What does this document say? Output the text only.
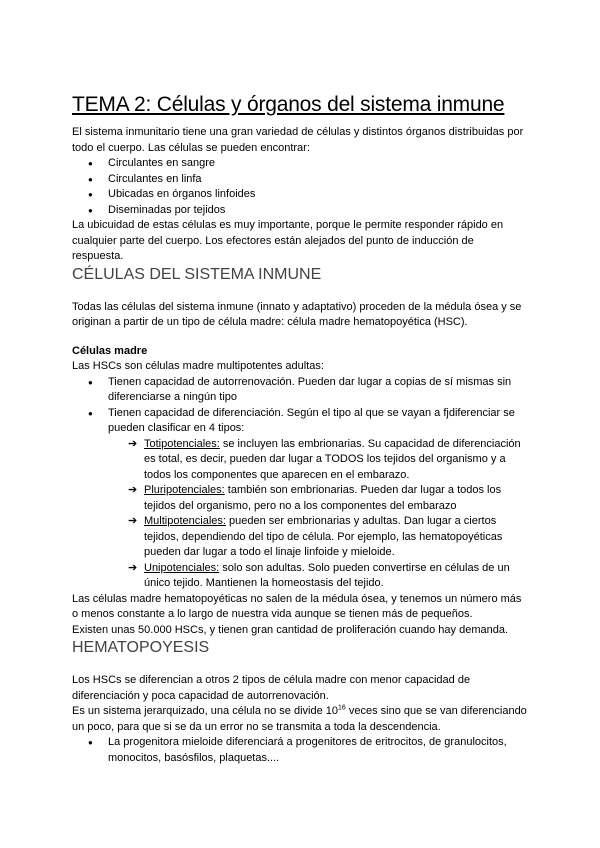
TEMA 2: Células y órganos del sistema inmune

El sistema inmunitario tiene una gran variedad de células y distintos órganos distribuidas por todo el cuerpo. Las células se pueden encontrar:

● Circulantes en sangre
● Circulantes en linfa
● Ubicadas en órganos linfoides
● Diseminadas por tejidos

La ubicuidad de estas células es muy importante, porque le permite responder rápido en cualquier parte del cuerpo. Los efectores están alejados del punto de inducción de respuesta.

CÉLULAS DEL SISTEMA INMUNE

Todas las células del sistema inmune (innato y adaptativo) proceden de la médula ósea y se originan a partir de un tipo de célula madre: célula madre hematopoyética (HSC).

Células madre

Las HSCs son células madre multipotentes adultas:

● Tienen capacidad de autorrenovación. Pueden dar lugar a copias de sí mismas sin diferenciarse a ningún tipo
● Tienen capacidad de diferenciación. Según el tipo al que se vayan a fjdiferenciar se pueden clasificar en 4 tipos:
➔ Totipotenciales: se incluyen las embrionarias. Su capacidad de diferenciación es total, es decir, pueden dar lugar a TODOS los tejidos del organismo y a todos los componentes que aparecen en el embarazo.
➔ Pluripotenciales: también son embrionarias. Pueden dar lugar a todos los tejidos del organismo, pero no a los componentes del embarazo
➔ Multipotenciales: pueden ser embrionarias y adultas. Dan lugar a ciertos tejidos, dependiendo del tipo de célula. Por ejemplo, las hematopoyéticas pueden dar lugar a todo el linaje linfoide y mieloide.
➔ Unipotenciales: solo son adultas. Solo pueden convertirse en células de un único tejido. Mantienen la homeostasis del tejido.

Las células madre hematopoyéticas no salen de la médula ósea, y tenemos un número más o menos constante a lo largo de nuestra vida aunque se tienen más de pequeños.

Existen unas 50.000 HSCs, y tienen gran cantidad de proliferación cuando hay demanda.

HEMATOPOYESIS

Los HSCs se diferencian a otros 2 tipos de célula madre con menor capacidad de diferenciación y poca capacidad de autorrenovación.

Es un sistema jerarquizado, una célula no se divide $10^{16}$ veces sino que se van diferenciando un poco, para que si se da un error no se transmita a toda la descendencia.

● La progenitora mieloide diferenciará a progenitores de eritrocitos, de granulocitos, monocitos, basósfilos, plaquetas....
